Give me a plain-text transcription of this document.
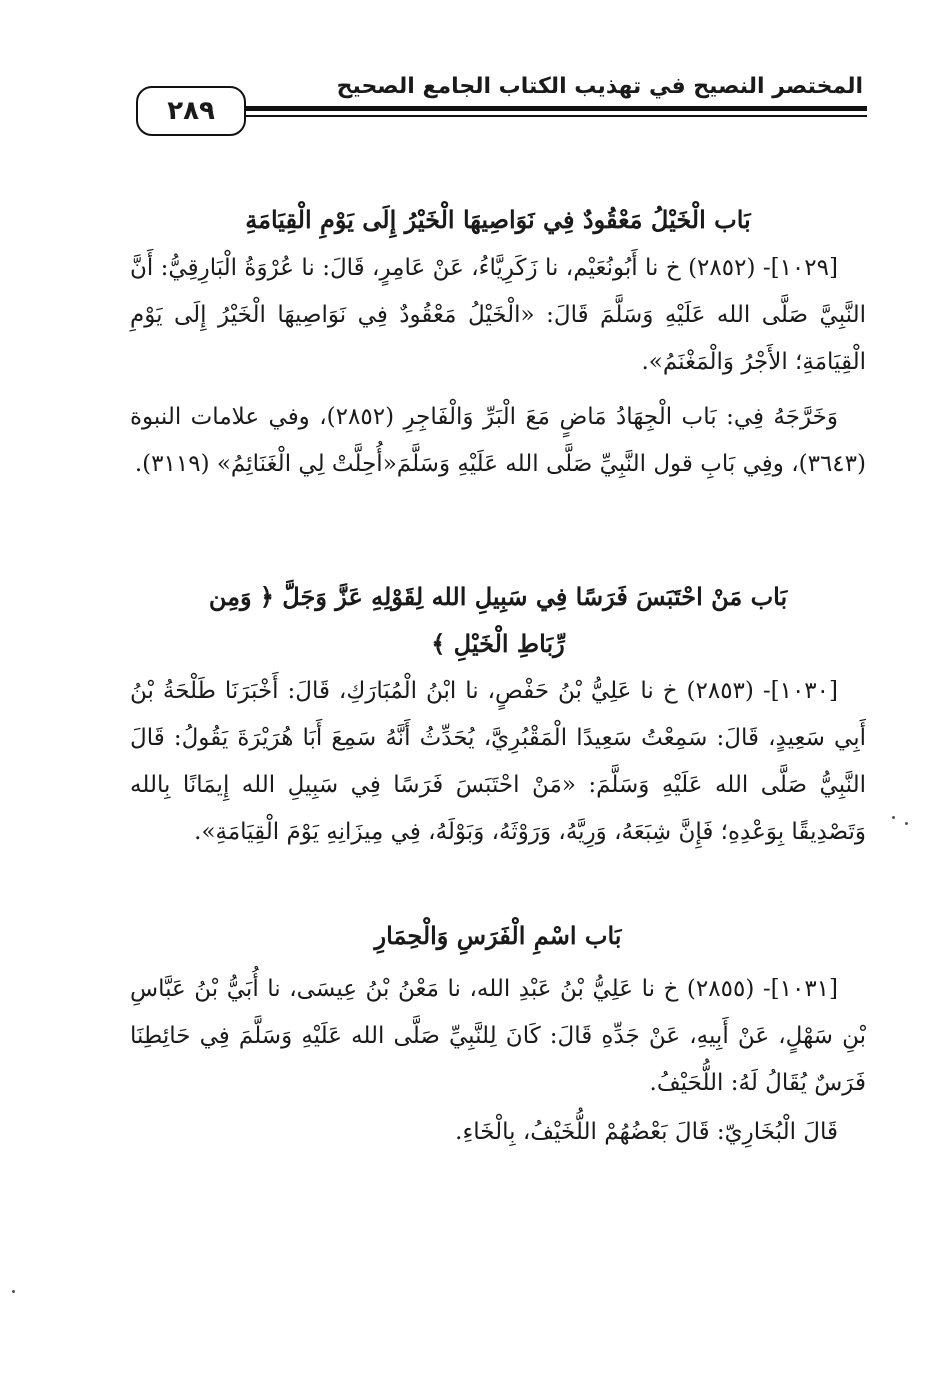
المختصر النصيح في تهذيب الكتاب الجامع الصحيح
٢٨٩
بَاب الْخَيْلُ مَعْقُودٌ فِي نَوَاصِيهَا الْخَيْرُ إِلَى يَوْمِ الْقِيَامَةِ

[١٠٢٩]- (٢٨٥٢) خ نا أَبُونُعَيْم، نا زَكَرِيَّاءُ، عَنْ عَامِرٍ، قَالَ: نا عُرْوَةُ الْبَارِقِيُّ: أَنَّ النَّبِيَّ صَلَّى الله عَلَيْهِ وَسَلَّمَ قَالَ: «الْخَيْلُ مَعْقُودٌ فِي نَوَاصِيهَا الْخَيْرُ إِلَى يَوْمِ الْقِيَامَةِ؛ الأَجْرُ وَالْمَغْنَمُ».

وَخَرَّجَهُ فِي: بَاب الْجِهَادُ مَاضٍ مَعَ الْبَرِّ وَالْفَاجِرِ (٢٨٥٢)، وفي علامات النبوة (٣٦٤٣)، وفِي بَابِ قول النَّبِيِّ صَلَّى الله عَلَيْهِ وَسَلَّمَ«أُحِلَّتْ لِي الْغَنَائِمُ» (٣١١٩).

بَاب مَنْ احْتَبَسَ فَرَسًا فِي سَبِيلِ الله لِقَوْلِهِ عَزَّ وَجَلَّ ﴿ وَمِن رِّبَاطِ الْخَيْلِ ﴾

[١٠٣٠]- (٢٨٥٣) خ نا عَلِيُّ بْنُ حَفْصٍ، نا ابْنُ الْمُبَارَكِ، قَالَ: أَخْبَرَنَا طَلْحَةُ بْنُ أَبِي سَعِيدٍ، قَالَ: سَمِعْتُ سَعِيدًا الْمَقْبُرِيَّ، يُحَدِّثُ أَنَّهُ سَمِعَ أَبَا هُرَيْرَةَ يَقُولُ: قَالَ النَّبِيُّ صَلَّى الله عَلَيْهِ وَسَلَّمَ: «مَنْ احْتَبَسَ فَرَسًا فِي سَبِيلِ الله إِيمَانًا بِالله وَتَصْدِيقًا بِوَعْدِهِ؛ فَإِنَّ شِبَعَهُ، وَرِيَّهُ، وَرَوْثَهُ، وَبَوْلَهُ، فِي مِيزَانِهِ يَوْمَ الْقِيَامَةِ».

بَاب اسْمِ الْفَرَسِ وَالْحِمَارِ

[١٠٣١]- (٢٨٥٥) خ نا عَلِيُّ بْنُ عَبْدِ الله، نا مَعْنُ بْنُ عِيسَى، نا أُبَيُّ بْنُ عَبَّاسِ بْنِ سَهْلٍ، عَنْ أَبِيهِ، عَنْ جَدِّهِ قَالَ: كَانَ لِلنَّبِيِّ صَلَّى الله عَلَيْهِ وَسَلَّمَ فِي حَائِطِنَا فَرَسٌ يُقَالُ لَهُ: اللُّحَيْفُ.

قَالَ الْبُخَارِيّ: قَالَ بَعْضُهُمْ اللُّخَيْفُ، بِالْخَاءِ.
